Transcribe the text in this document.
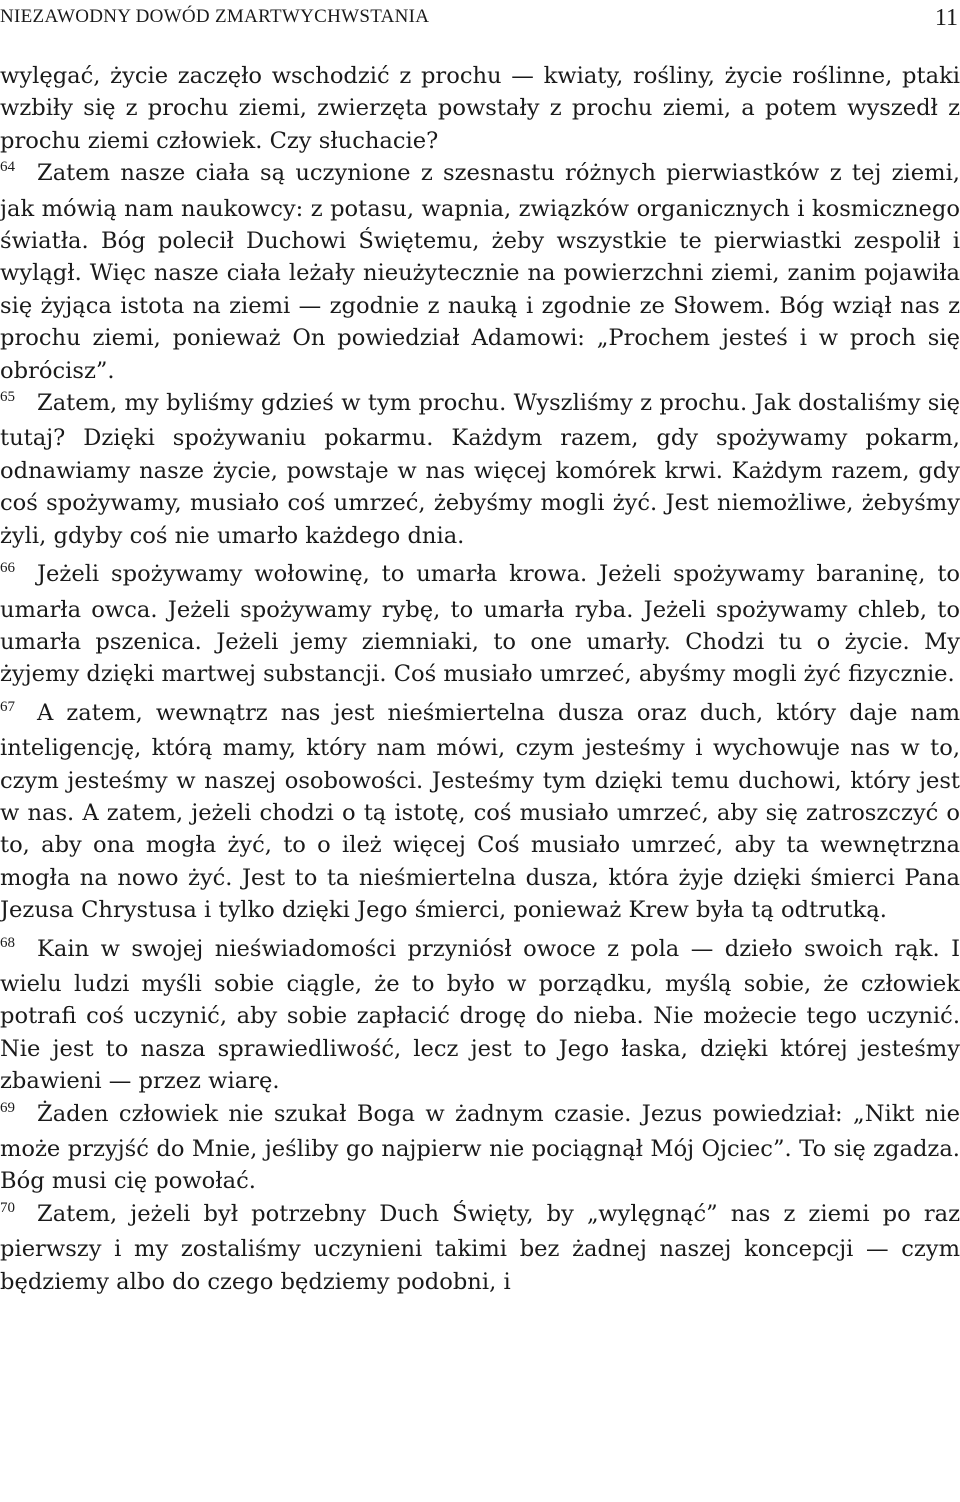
NIEZAWODNY DOWÓD ZMARTWYCHWSTANIA	11

wylęgać, życie zaczęło wschodzić z prochu — kwiaty, rośliny, życie roślinne, ptaki wzbiły się z prochu ziemi, zwierzęta powstały z prochu ziemi, a potem wyszedł z prochu ziemi człowiek. Czy słuchacie?

$^{64}$ Zatem nasze ciała są uczynione z szesnastu różnych pierwiastków z tej ziemi, jak mówią nam naukowcy: z potasu, wapnia, związków organicznych i kosmicznego światła. Bóg polecił Duchowi Świętemu, żeby wszystkie te pierwiastki zespolił i wylągł. Więc nasze ciała leżały nieużytecznie na powierzchni ziemi, zanim pojawiła się żyjąca istota na ziemi — zgodnie z nauką i zgodnie ze Słowem. Bóg wziął nas z prochu ziemi, ponieważ On powiedział Adamowi: „Prochem jesteś i w proch się obrócisz”.

$^{65}$ Zatem, my byliśmy gdzieś w tym prochu. Wyszliśmy z prochu. Jak dostaliśmy się tutaj? Dzięki spożywaniu pokarmu. Każdym razem, gdy spożywamy pokarm, odnawiamy nasze życie, powstaje w nas więcej komórek krwi. Każdym razem, gdy coś spożywamy, musiało coś umrzeć, żebyśmy mogli żyć. Jest niemożliwe, żebyśmy żyli, gdyby coś nie umarło każdego dnia.

$^{66}$ Jeżeli spożywamy wołowinę, to umarła krowa. Jeżeli spożywamy baraninę, to umarła owca. Jeżeli spożywamy rybę, to umarła ryba. Jeżeli spożywamy chleb, to umarła pszenica. Jeżeli jemy ziemniaki, to one umarły. Chodzi tu o życie. My żyjemy dzięki martwej substancji. Coś musiało umrzeć, abyśmy mogli żyć fizycznie.

$^{67}$ A zatem, wewnątrz nas jest nieśmiertelna dusza oraz duch, który daje nam inteligencję, którą mamy, który nam mówi, czym jesteśmy i wychowuje nas w to, czym jesteśmy w naszej osobowości. Jesteśmy tym dzięki temu duchowi, który jest w nas. A zatem, jeżeli chodzi o tą istotę, coś musiało umrzeć, aby się zatroszczyć o to, aby ona mogła żyć, to o ileż więcej Coś musiało umrzeć, aby ta wewnętrzna mogła na nowo żyć. Jest to ta nieśmiertelna dusza, która żyje dzięki śmierci Pana Jezusa Chrystusa i tylko dzięki Jego śmierci, ponieważ Krew była tą odtrutką.

$^{68}$ Kain w swojej nieświadomości przyniósł owoce z pola — dzieło swoich rąk. I wielu ludzi myśli sobie ciągle, że to było w porządku, myślą sobie, że człowiek potrafi coś uczynić, aby sobie zapłacić drogę do nieba. Nie możecie tego uczynić. Nie jest to nasza sprawiedliwość, lecz jest to Jego łaska, dzięki której jesteśmy zbawieni — przez wiarę.

$^{69}$ Żaden człowiek nie szukał Boga w żadnym czasie. Jezus powiedział: „Nikt nie może przyjść do Mnie, jeśliby go najpierw nie pociągnął Mój Ojciec”. To się zgadza. Bóg musi cię powołać.

$^{70}$ Zatem, jeżeli był potrzebny Duch Święty, by „wylęgnąć” nas z ziemi po raz pierwszy i my zostaliśmy uczynieni takimi bez żadnej naszej koncepcji — czym będziemy albo do czego będziemy podobni, i
